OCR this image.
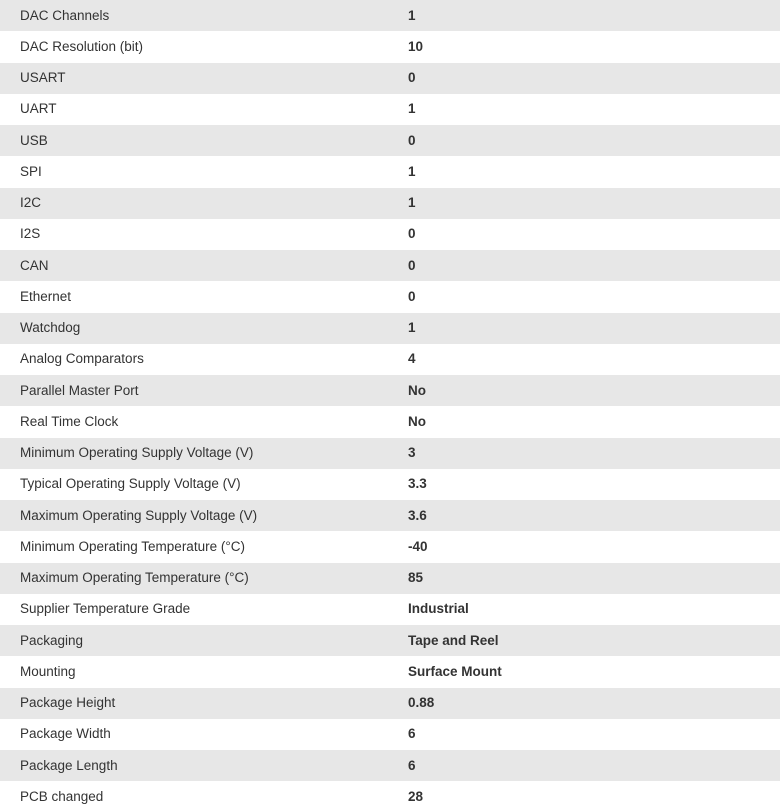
DAC Channels	1
DAC Resolution (bit)	10
USART	0
UART	1
USB	0
SPI	1
I2C	1
I2S	0
CAN	0
Ethernet	0
Watchdog	1
Analog Comparators	4
Parallel Master Port	No
Real Time Clock	No
Minimum Operating Supply Voltage (V)	3
Typical Operating Supply Voltage (V)	3.3
Maximum Operating Supply Voltage (V)	3.6
Minimum Operating Temperature (°C)	-40
Maximum Operating Temperature (°C)	85
Supplier Temperature Grade	Industrial
Packaging	Tape and Reel
Mounting	Surface Mount
Package Height	0.88
Package Width	6
Package Length	6
PCB changed	28
